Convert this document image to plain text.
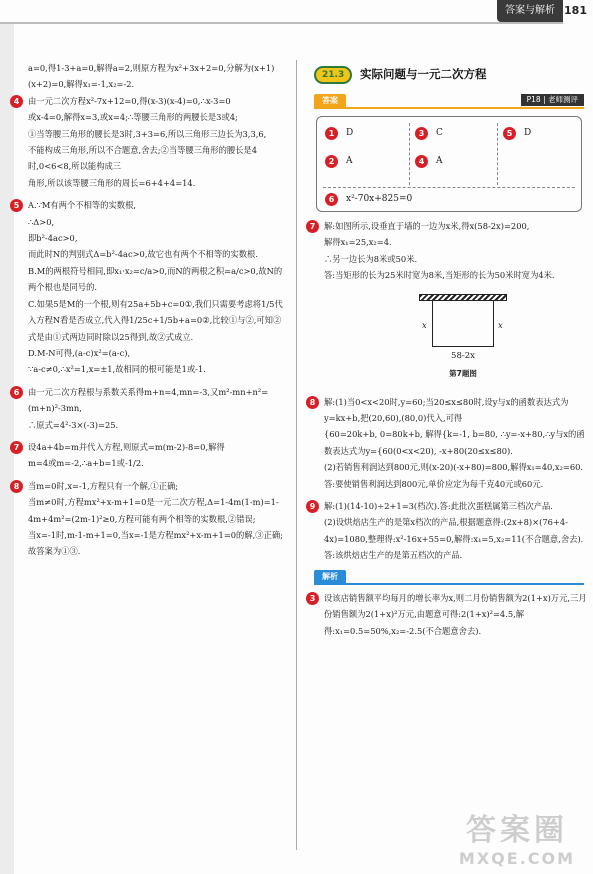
答案与解析 181

a=0,得1-3+a=0,解得a=2,则原方程为x²+3x+2=0,分解为(x+1)(x+2)=0,解得x₁=-1,x₂=-2.

4	由一元二次方程x²-7x+12=0,得(x-3)(x-4)=0,∴x-3=0

或x-4=0,解得x=3,或x=4;∴等腰三角形的两腰长是3或4;

①当等腰三角形的腰长是3时,3+3=6,所以三角形三边长为3,3,6,

不能构成三角形,所以不合题意,舍去;②当等腰三角形的腰长是4时,0<6<8,所以能构成三

角形,所以该等腰三角形的周长=6+4+4=14.

5	A.∵M有两个不相等的实数根,

∴Δ>0,

即b²-4ac>0,

而此时N的判别式Δ=b²-4ac>0,故它也有两个不相等的实数根.

B.M的两根符号相同,即x₁·x₂=c/a>0,而N的两根之积=a/c>0,故N的两个根也是同号的.

C.如果5是M的一个根,则有25a+5b+c=0①,我们只需要考虑将1/5代入方程N看是否成立,代入得1/25c+1/5b+a=0②,比较①与②,可知②式是由①式两边同时除以25得到,故②式成立.

D.M-N可得,(a-c)x²=(a-c),

∵a-c≠0,∴x²=1,x=±1,故相同的根可能是1或-1.

6	由一元二次方程根与系数关系得m+n=4,mn=-3,又m²-mn+n²=(m+n)²-3mn,

∴原式=4²-3×(-3)=25.

7	设4a+4b=m并代入方程,则原式=m(m-2)-8=0,解得

m=4或m=-2,∴a+b=1或-1/2.

8	当m=0时,x=-1,方程只有一个解,①正确;

当m≠0时,方程mx²+x-m+1=0是一元二次方程,Δ=1-4m(1-m)=1-4m+4m²=(2m-1)²≥0,方程可能有两个相等的实数根,②错误;

当x=-1时,m-1-m+1=0,当x=-1是方程mx²+x-m+1=0的解,③正确;

故答案为①③.

21.3	实际问题与一元二次方程
答案	P18 | 老师测评
1 D	3 C	5 D
2 A	4 A
6 x²-70x+825=0
7	解:如图所示,设垂直于墙的一边为x米,得x(58-2x)=200,

解得x₁=25,x₂=4.

∴另一边长为8米或50米.

答:当矩形的长为25米时宽为8米,当矩形的长为50米时宽为4米.

x	x
58-2x
第7题图
8	解:(1)当0<x<20时,y=60;当20≤x≤80时,设y与x的函数表达式为y=kx+b,把(20,60),(80,0)代入,可得

{60=20k+b, 0=80k+b, 解得{k=-1, b=80, ∴y=-x+80,∴y与x的函数表达式为y={60(0<x<20), -x+80(20≤x≤80).

(2)若销售利润达到800元,则(x-20)(-x+80)=800,解得x₁=40,x₂=60.答:要使销售利润达到800元,单价应定为每千克40元或60元.

9	解:(1)(14-10)÷2+1=3(档次).答:此批次蛋糕属第三档次产品.

(2)设烘焙店生产的是第x档次的产品,根据题意得:(2x+8)×(76+4-4x)=1080,整理得:x²-16x+55=0,解得:x₁=5,x₂=11(不合题意,舍去).答:该烘焙店生产的是第五档次的产品.

解析
3	设该店销售额平均每月的增长率为x,则二月份销售额为2(1+x)万元,三月份销售额为2(1+x)²万元,由题意可得:2(1+x)²=4.5,解得:x₁=0.5=50%,x₂=-2.5(不合题意舍去).

答案圈
MXQE.COM
